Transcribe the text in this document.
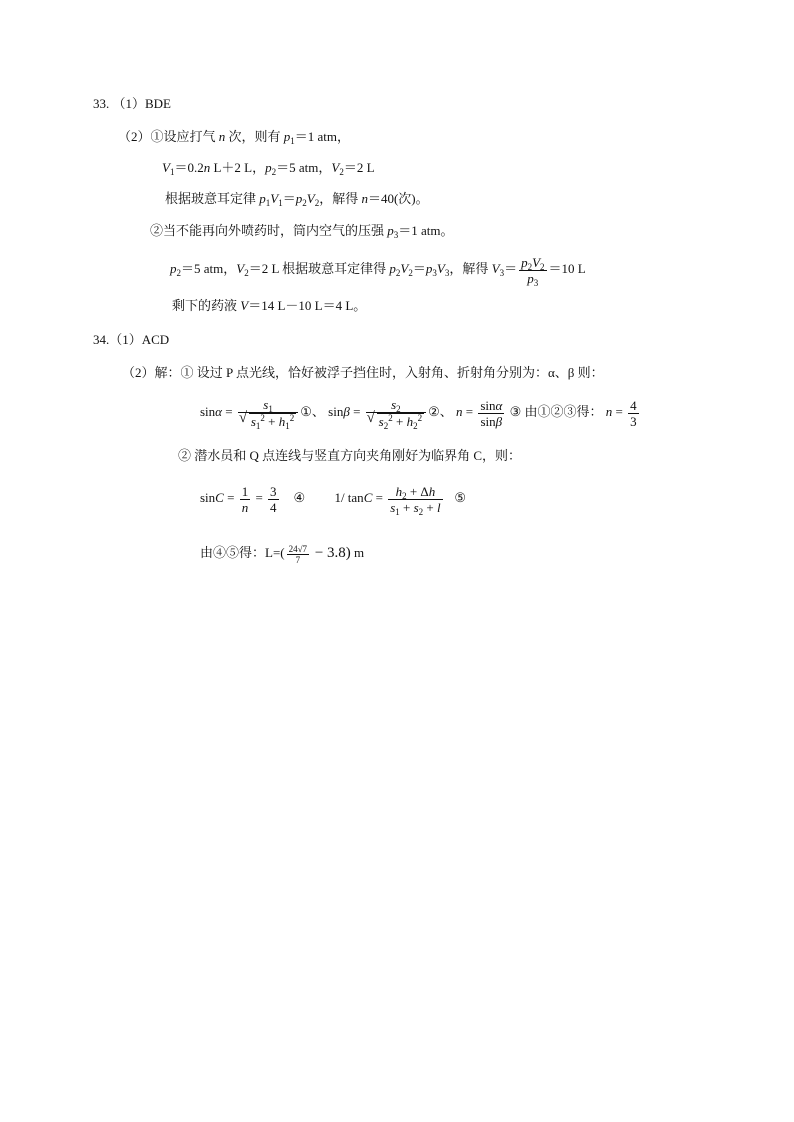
33. （1）BDE
（2）①设应打气 n 次，则有 $p_1=1$ atm，
$V_1=0.2n$ L＋2 L，$p_2=5$ atm，$V_2=2$ L
根据玻意耳定律 $p_1V_1=p_2V_2$，解得 n＝40(次)。
②当不能再向外喷药时，筒内空气的压强 $p_3=1$ atm。
$p_2=5$ atm，$V_2=2$ L 根据玻意耳定律得 $p_2V_2=p_3V_3$，解得 $V_3= \frac{p_2V_2}{p_3} =10$ L
剩下的药液 V＝14 L－10 L＝4 L。
34.（1）ACD
（2）解：① 设过 P 点光线，恰好被浮子挡住时，入射角、折射角分别为：α、β 则：
$\sin\alpha = s_1$
√ $s_1^2 + h_1^2$ ①、 $\sin\beta = s_2$
√ $s_2^2 + h_2^2$ ②、 $n = \frac{\sin\alpha}{\sin\beta}$ ③ 由①②③得： $n = \frac{4}{3}$
② 潜水员和 Q 点连线与竖直方向夹角刚好为临界角 C，则：
$\sin C = \frac{1}{n} = \frac{3}{4}$ ④ 1/ $\tan C = \frac{h_2 + \Delta h}{s_1 + s_2 + l}$ ⑤
由④⑤得：$L=( \frac{24√7}{7} - 3.8)$ m
